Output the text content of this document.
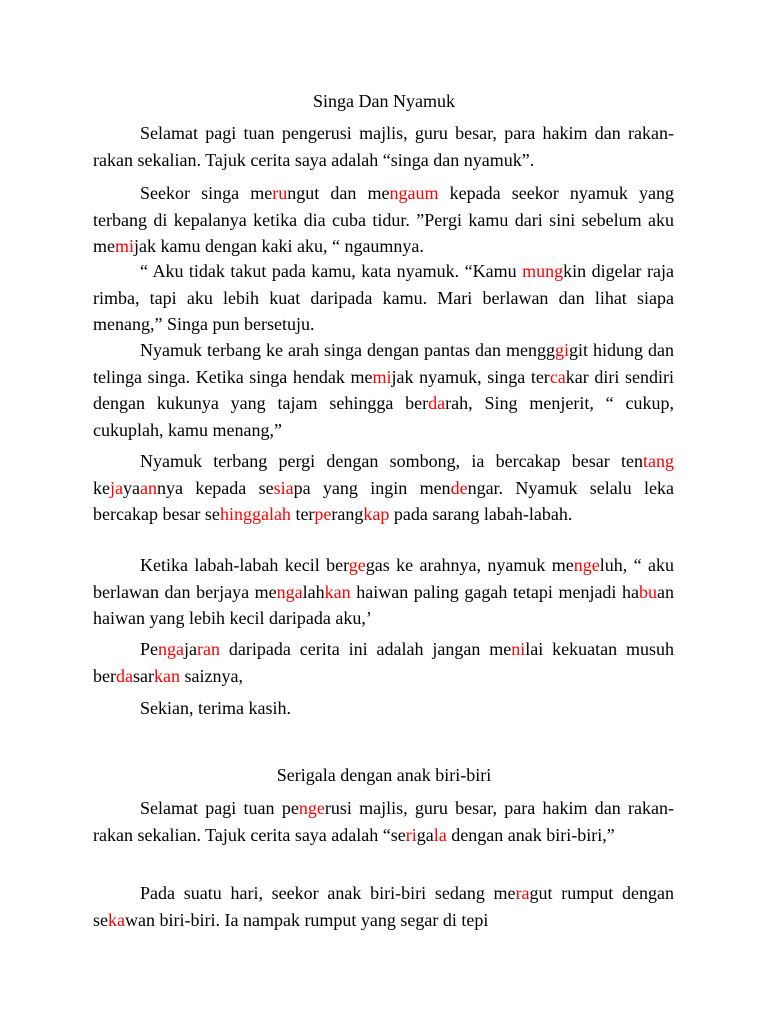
Singa Dan Nyamuk

Selamat pagi tuan pengerusi majlis, guru besar, para hakim dan rakan-rakan sekalian. Tajuk cerita saya adalah “singa dan nyamuk”.

Seekor singa merungut dan mengaum kepada seekor nyamuk yang terbang di kepalanya ketika dia cuba tidur. ”Pergi kamu dari sini sebelum aku memijak kamu dengan kaki aku, “ ngaumnya.

“ Aku tidak takut pada kamu, kata nyamuk. “Kamu mungkin digelar raja rimba, tapi aku lebih kuat daripada kamu. Mari berlawan dan lihat siapa menang,” Singa pun bersetuju.

Nyamuk terbang ke arah singa dengan pantas dan mengggigit hidung dan telinga singa. Ketika singa hendak memijak nyamuk, singa tercakar diri sendiri dengan kukunya yang tajam sehingga berdarah, Sing menjerit, “ cukup, cukuplah, kamu menang,”

Nyamuk terbang pergi dengan sombong, ia bercakap besar tentang kejayaannya kepada sesiapa yang ingin mendengar. Nyamuk selalu leka bercakap besar sehinggalah terperangkap pada sarang labah-labah.

Ketika labah-labah kecil bergegas ke arahnya, nyamuk mengeluh, “ aku berlawan dan berjaya mengalahkan haiwan paling gagah tetapi menjadi habuan haiwan yang lebih kecil daripada aku,’

Pengajaran daripada cerita ini adalah jangan menilai kekuatan musuh berdasarkan saiznya,

Sekian, terima kasih.

Serigala dengan anak biri-biri

Selamat pagi tuan pengerusi majlis, guru besar, para hakim dan rakan-rakan sekalian. Tajuk cerita saya adalah “serigala dengan anak biri-biri,”

Pada suatu hari, seekor anak biri-biri sedang meragut rumput dengan sekawan biri-biri. Ia nampak rumput yang segar di tepi
